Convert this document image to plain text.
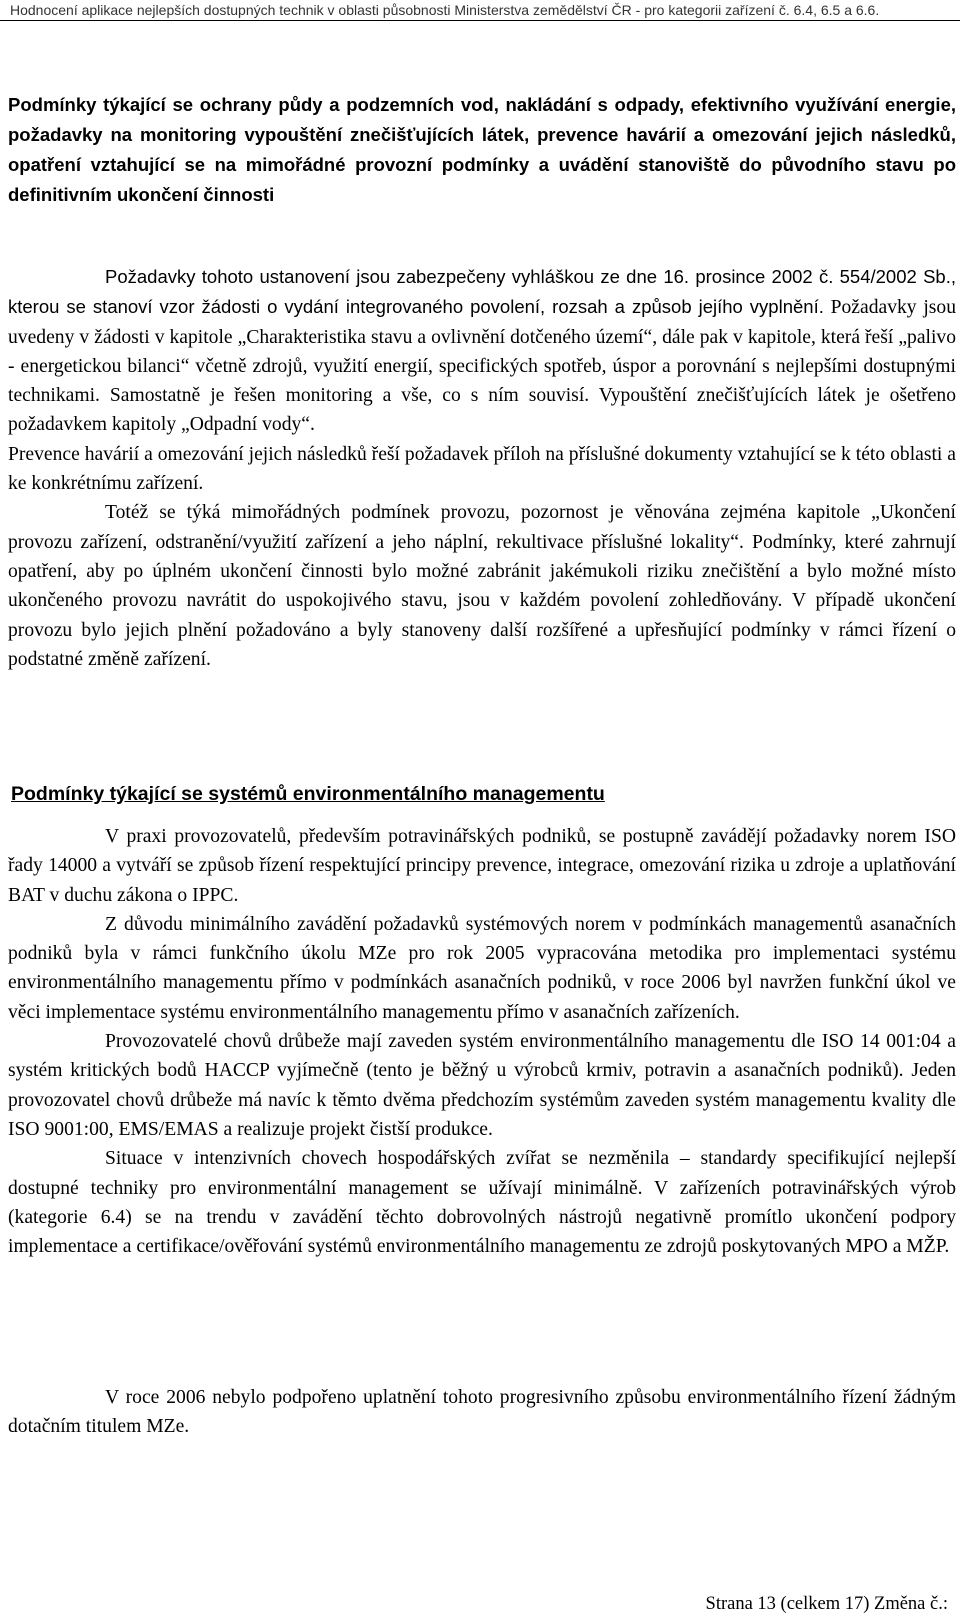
Hodnocení aplikace nejlepších dostupných technik v oblasti působnosti Ministerstva zemědělství ČR - pro kategorii zařízení č. 6.4, 6.5 a 6.6.

Podmínky týkající se ochrany půdy a podzemních vod, nakládání s odpady, efektivního využívání energie, požadavky na monitoring vypouštění znečišťujících látek, prevence havárií a omezování jejich následků, opatření vztahující se na mimořádné provozní podmínky a uvádění stanoviště do původního stavu po definitivním ukončení činnosti

Požadavky tohoto ustanovení jsou zabezpečeny vyhláškou ze dne 16. prosince 2002 č. 554/2002 Sb., kterou se stanoví vzor žádosti o vydání integrovaného povolení, rozsah a způsob jejího vyplnění. Požadavky jsou uvedeny v žádosti v kapitole „Charakteristika stavu a ovlivnění dotčeného území“, dále pak v kapitole, která řeší „palivo - energetickou bilanci“ včetně zdrojů, využití energií, specifických spotřeb, úspor a porovnání s nejlepšími dostupnými technikami. Samostatně je řešen monitoring a vše, co s ním souvisí. Vypouštění znečišťujících látek je ošetřeno požadavkem kapitoly „Odpadní vody“.

Prevence havárií a omezování jejich následků řeší požadavek příloh na příslušné dokumenty vztahující se k této oblasti a ke konkrétnímu zařízení.

Totéž se týká mimořádných podmínek provozu, pozornost je věnována zejména kapitole „Ukončení provozu zařízení, odstranění/využití zařízení a jeho náplní, rekultivace příslušné lokality“. Podmínky, které zahrnují opatření, aby po úplném ukončení činnosti bylo možné zabránit jakémukoli riziku znečištění a bylo možné místo ukončeného provozu navrátit do uspokojivého stavu, jsou v každém povolení zohledňovány. V případě ukončení provozu bylo jejich plnění požadováno a byly stanoveny další rozšířené a upřesňující podmínky v rámci řízení o podstatné změně zařízení.

Podmínky týkající se systémů environmentálního managementu

V praxi provozovatelů, především potravinářských podniků, se postupně zavádějí požadavky norem ISO řady 14000 a vytváří se způsob řízení respektující principy prevence, integrace, omezování rizika u zdroje a uplatňování BAT v duchu zákona o IPPC.

Z důvodu minimálního zavádění požadavků systémových norem v podmínkách managementů asanačních podniků byla v rámci funkčního úkolu MZe pro rok 2005 vypracována metodika pro implementaci systému environmentálního managementu přímo v podmínkách asanačních podniků, v roce 2006 byl navržen funkční úkol ve věci implementace systému environmentálního managementu přímo v asanačních zařízeních.

Provozovatelé chovů drůbeže mají zaveden systém environmentálního managementu dle ISO 14 001:04 a systém kritických bodů HACCP vyjímečně (tento je běžný u výrobců krmiv, potravin a asanačních podniků). Jeden provozovatel chovů drůbeže má navíc k těmto dvěma předchozím systémům zaveden systém managementu kvality dle ISO 9001:00, EMS/EMAS a realizuje projekt čistší produkce.

Situace v intenzivních chovech hospodářských zvířat se nezměnila – standardy specifikující nejlepší dostupné techniky pro environmentální management se užívají minimálně. V zařízeních potravinářských výrob (kategorie 6.4) se na trendu v zavádění těchto dobrovolných nástrojů negativně promítlo ukončení podpory implementace a certifikace/ověřování systémů environmentálního managementu ze zdrojů poskytovaných MPO a MŽP.

V roce 2006 nebylo podpořeno uplatnění tohoto progresivního způsobu environmentálního řízení žádným dotačním titulem MZe.

Strana 13 (celkem 17) Změna č.:
